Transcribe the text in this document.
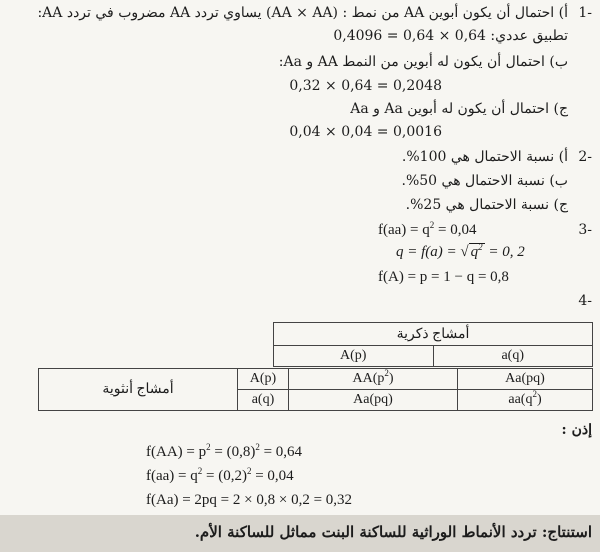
-1
أ) احتمال أن يكون أبوين AA من نمط : (AA × AA) يساوي تردد AA مضروب في تردد AA:
تطبيق عددي: 0,64 × 0,64 = 0,4096
ب) احتمال أن يكون له أبوين من النمط AA و Aa:
0,2048 = 0,64 × 0,32
ج) احتمال أن يكون له أبوين Aa و Aa
0,0016 = 0,04 × 0,04
-2
أ) نسبة الاحتمال هي 100%.
ب) نسبة الاحتمال هي 50%.
ج) نسبة الاحتمال هي 25%.
-3
$f(aa) = q^2 = 0,04$
q = f(a) = √ $q^2 = 0$, 2
f(A) = p = 1 − q = 0,8
-4
أمشاج ذكرية
A(p)	a(q)
أمشاج أنثوية	A(p)	$AA(p^2)$	Aa(pq)
	a(q)	Aa(pq)	$aa(q^2)$
إذن :
$f(AA) = p^2 = (0,8)^2 = 0,64$
$f(aa) = q^2 = (0,2)^2 = 0,04$
f(Aa) = 2pq = 2 × 0,8 × 0,2 = 0,32
استنتاج: تردد الأنماط الوراثية للساكنة البنت مماثل للساكنة الأم.
